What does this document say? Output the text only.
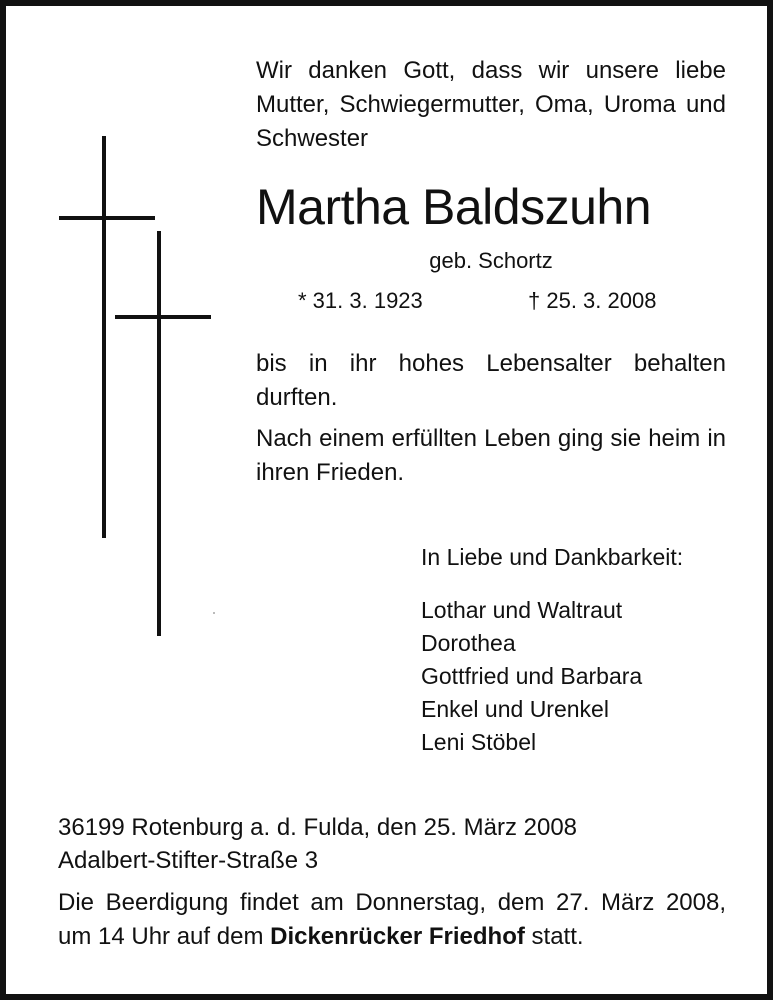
Wir danken Gott, dass wir unsere liebe Mutter, Schwiegermutter, Oma, Uroma und Schwester

Martha Baldszuhn

geb. Schortz

* 31. 3. 1923	† 25. 3. 2008

bis in ihr hohes Lebensalter behalten durften.

Nach einem erfüllten Leben ging sie heim in ihren Frieden.

In Liebe und Dankbarkeit:

Lothar und Waltraut
Dorothea
Gottfried und Barbara
Enkel und Urenkel
Leni Stöbel

36199 Rotenburg a. d. Fulda, den 25. März 2008

Adalbert-Stifter-Straße 3

Die Beerdigung findet am Donnerstag, dem 27. März 2008, um 14 Uhr auf dem Dickenrücker Friedhof statt.
